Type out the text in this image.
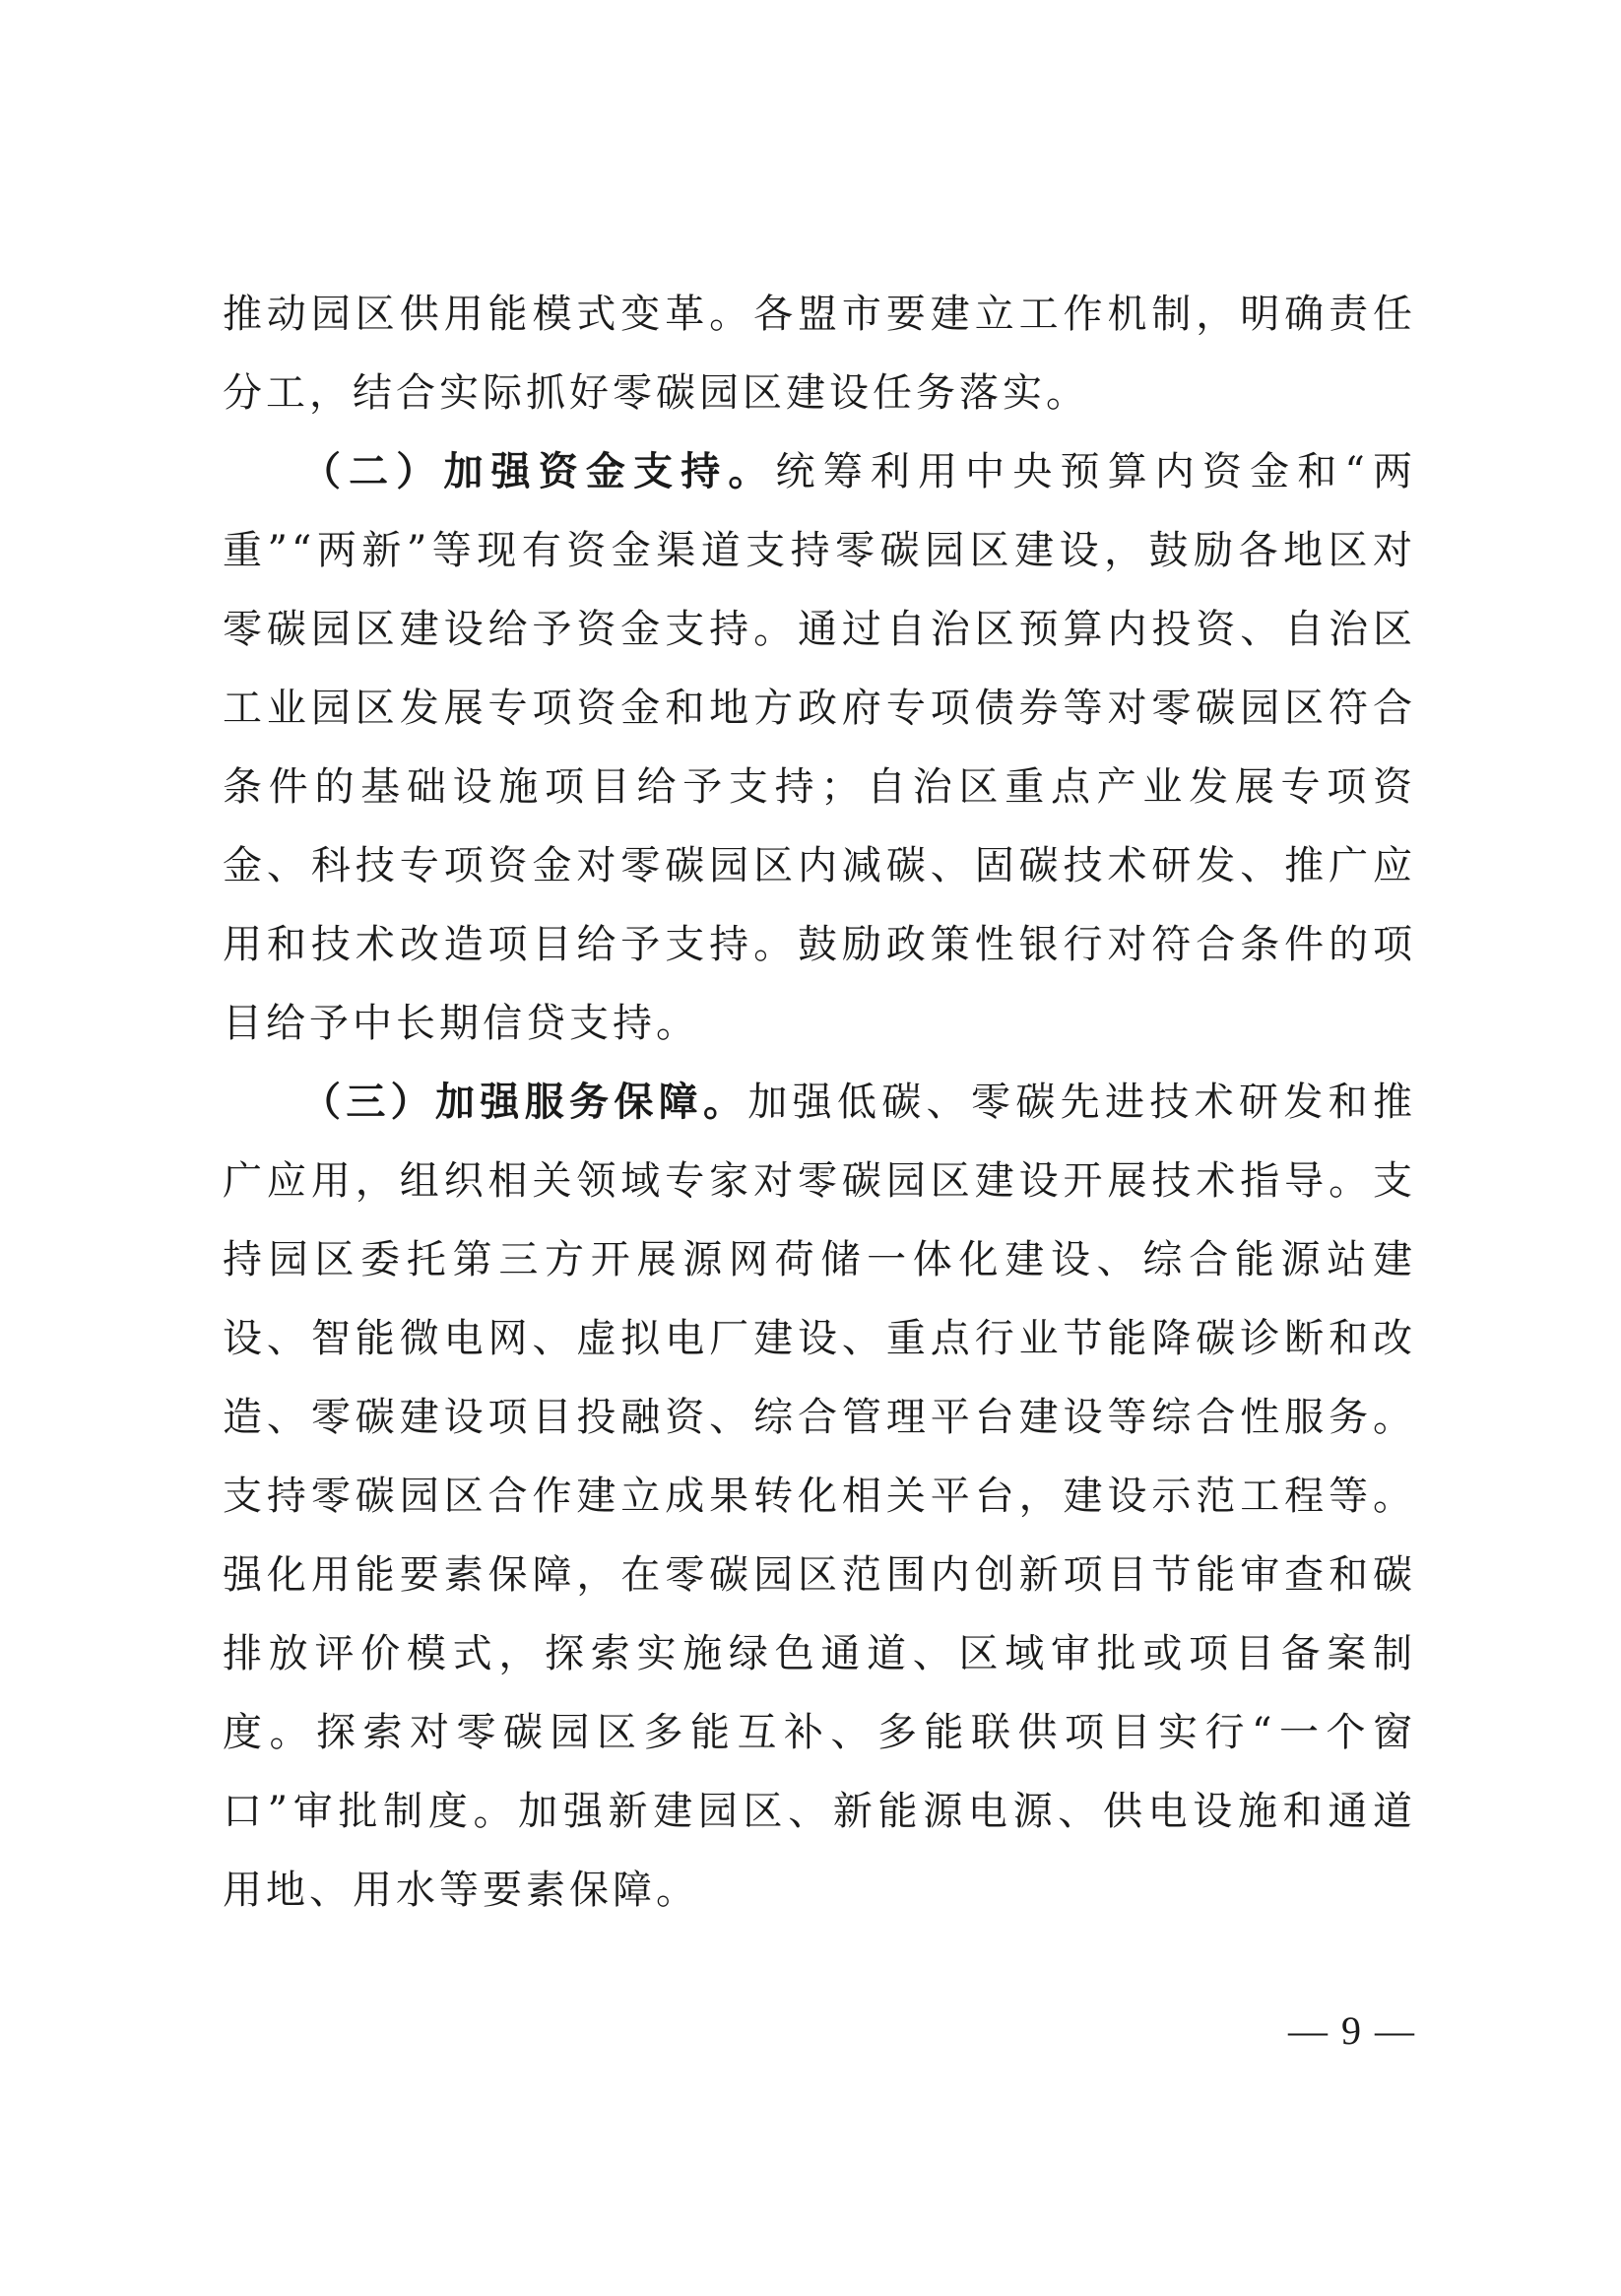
推动园区供用能模式变革。各盟市要建立工作机制，明确责任分工，结合实际抓好零碳园区建设任务落实。

（二）加强资金支持。统筹利用中央预算内资金和“两重”“两新”等现有资金渠道支持零碳园区建设，鼓励各地区对零碳园区建设给予资金支持。通过自治区预算内投资、自治区工业园区发展专项资金和地方政府专项债券等对零碳园区符合条件的基础设施项目给予支持；自治区重点产业发展专项资金、科技专项资金对零碳园区内减碳、固碳技术研发、推广应用和技术改造项目给予支持。鼓励政策性银行对符合条件的项目给予中长期信贷支持。

（三）加强服务保障。加强低碳、零碳先进技术研发和推广应用，组织相关领域专家对零碳园区建设开展技术指导。支持园区委托第三方开展源网荷储一体化建设、综合能源站建设、智能微电网、虚拟电厂建设、重点行业节能降碳诊断和改造、零碳建设项目投融资、综合管理平台建设等综合性服务。支持零碳园区合作建立成果转化相关平台，建设示范工程等。强化用能要素保障，在零碳园区范围内创新项目节能审查和碳排放评价模式，探索实施绿色通道、区域审批或项目备案制度。探索对零碳园区多能互补、多能联供项目实行“一个窗口”审批制度。加强新建园区、新能源电源、供电设施和通道用地、用水等要素保障。

— 9 —
